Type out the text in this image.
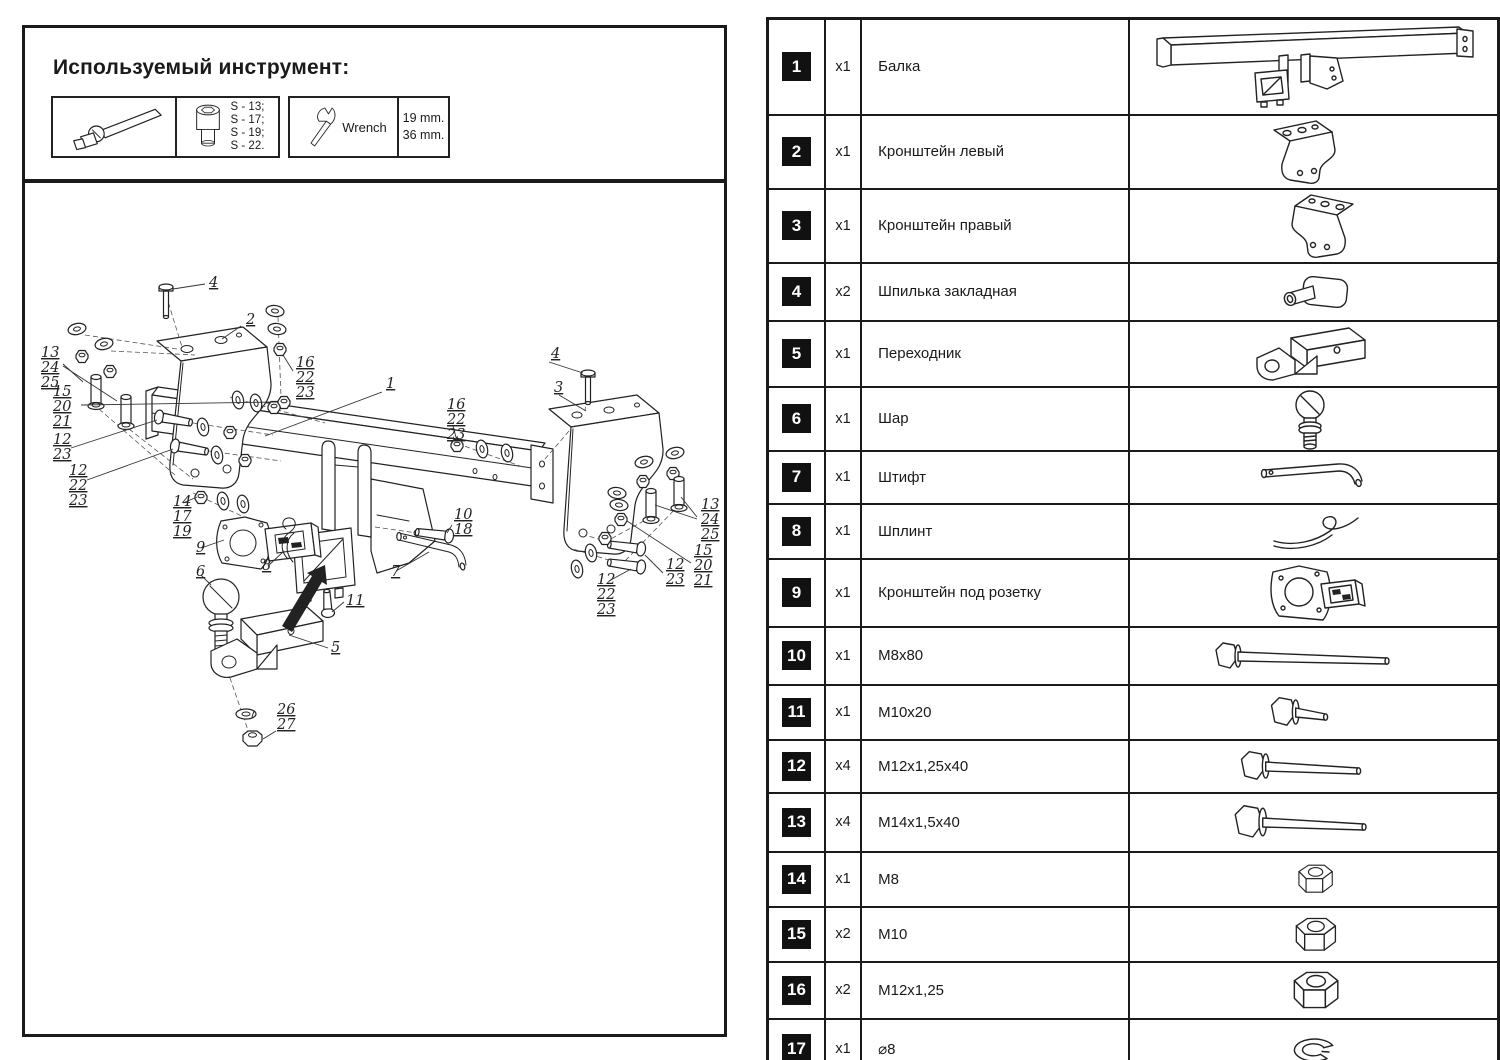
Используемый инструмент:
S - 13;
S - 17;
S - 19;
S - 22.
Wrench
19 mm.
36 mm.
4
2
13
24
25
15
20
21
16
22
23
12
23
12
22
23
1
16
22
23
4
3
13
24
25
15
20
21
12
23
12
22
23
10
18
14
17
19
9
6	8	7
11
5
26
27
1	x1	Балка	
2	x1	Кронштейн левый	
3	x1	Кронштейн правый	
4	x2	Шпилька закладная	
5	x1	Переходник	
6	x1	Шар	
7	x1	Штифт	
8	x1	Шплинт	
9	x1	Кронштейн под розетку	
10	x1	M8x80	
11	x1	M10x20	
12	x4	M12x1,25x40	
13	x4	M14x1,5x40	
14	x1	M8	
15	x2	M10	
16	x2	M12x1,25	
17	x1	⌀8	
